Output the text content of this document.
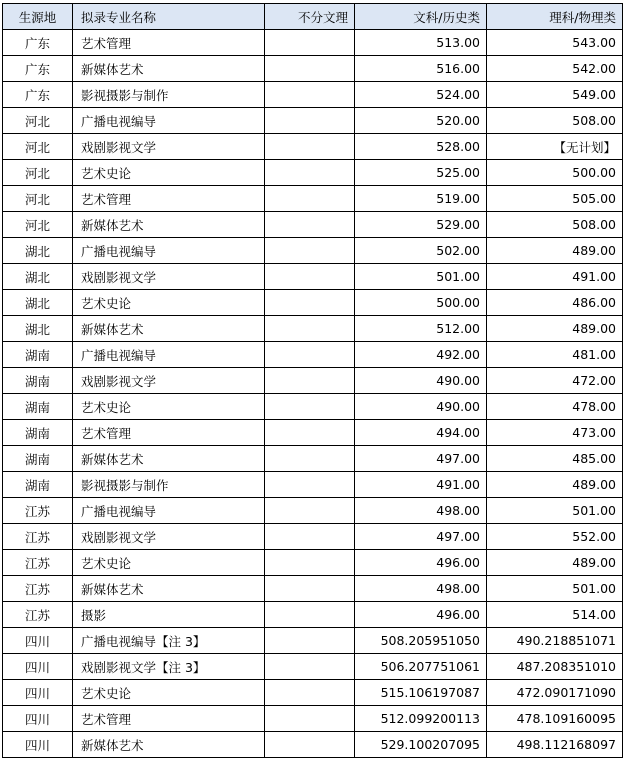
生源地	拟录专业名称	不分文理	文科/历史类	理科/物理类
广东	艺术管理		513.00	543.00
广东	新媒体艺术		516.00	542.00
广东	影视摄影与制作		524.00	549.00
河北	广播电视编导		520.00	508.00
河北	戏剧影视文学		528.00	【无计划】
河北	艺术史论		525.00	500.00
河北	艺术管理		519.00	505.00
河北	新媒体艺术		529.00	508.00
湖北	广播电视编导		502.00	489.00
湖北	戏剧影视文学		501.00	491.00
湖北	艺术史论		500.00	486.00
湖北	新媒体艺术		512.00	489.00
湖南	广播电视编导		492.00	481.00
湖南	戏剧影视文学		490.00	472.00
湖南	艺术史论		490.00	478.00
湖南	艺术管理		494.00	473.00
湖南	新媒体艺术		497.00	485.00
湖南	影视摄影与制作		491.00	489.00
江苏	广播电视编导		498.00	501.00
江苏	戏剧影视文学		497.00	552.00
江苏	艺术史论		496.00	489.00
江苏	新媒体艺术		498.00	501.00
江苏	摄影		496.00	514.00
四川	广播电视编导【注 3】		508.205951050	490.218851071
四川	戏剧影视文学【注 3】		506.207751061	487.208351010
四川	艺术史论		515.106197087	472.090171090
四川	艺术管理		512.099200113	478.109160095
四川	新媒体艺术		529.100207095	498.112168097
